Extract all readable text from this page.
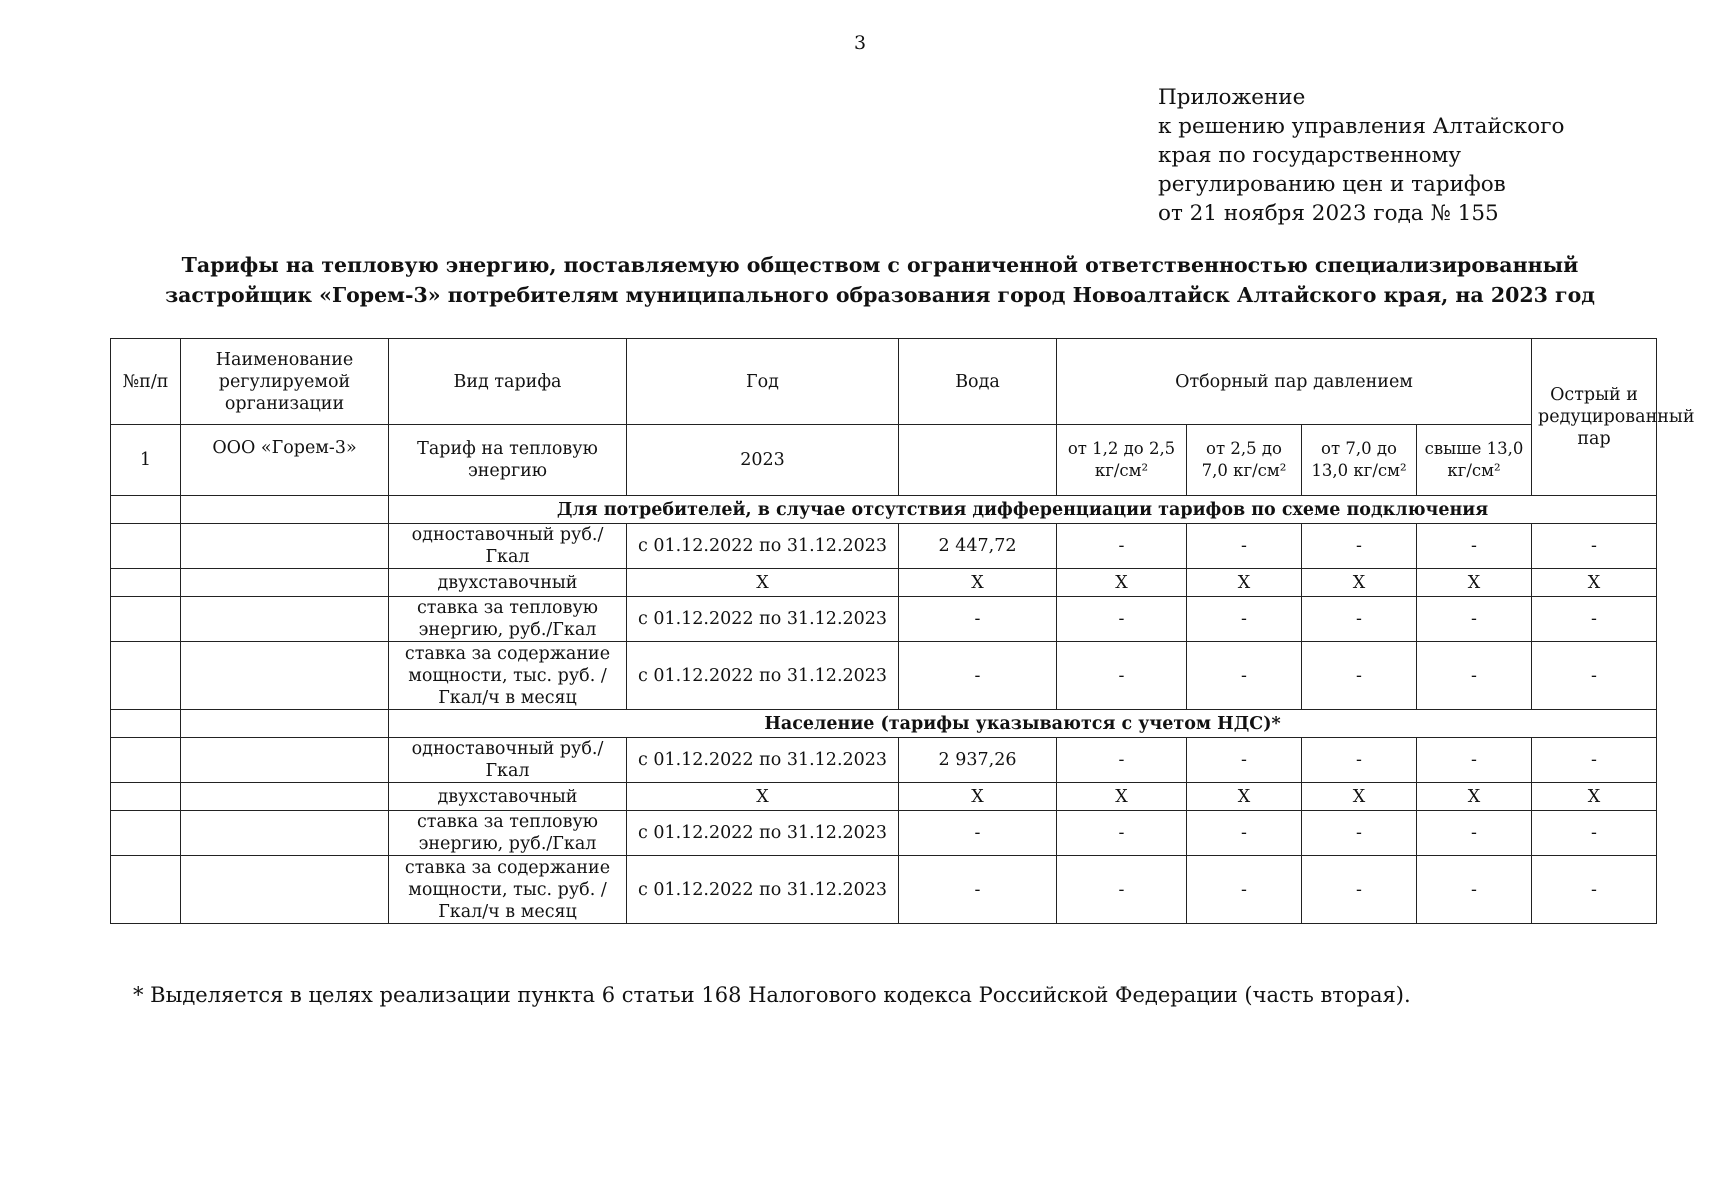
3
Приложение
к решению управления Алтайского
края по государственному
регулированию цен и тарифов
от 21 ноября 2023 года № 155
Тарифы на тепловую энергию, поставляемую обществом с ограниченной ответственностью специализированный
застройщик «Горем-3» потребителям муниципального образования город Новоалтайск Алтайского края, на 2023 год
№п/п	Наименование регулируемой организации	Вид тарифа	Год	Вода	Отборный пар давлением				Острый и редуцированный пар
1	ООО «Горем-3»	Тариф на тепловую энергию	2023		от 1,2 до 2,5 кг/см²	от 2,5 до 7,0 кг/см²	от 7,0 до 13,0 кг/см²	свыше 13,0 кг/см²	
		Для потребителей, в случае отсутствия дифференциации тарифов по схеме подключения							
		одноставочный руб./Гкал	с 01.12.2022 по 31.12.2023	2 447,72	-	-	-	-	-
		двухставочный	X	X	X	X	X	X	X
		ставка за тепловую энергию, руб./Гкал	с 01.12.2022 по 31.12.2023	-	-	-	-	-	-
		ставка за содержание мощности, тыс. руб. /Гкал/ч в месяц	с 01.12.2022 по 31.12.2023	-	-	-	-	-	-
		Население (тарифы указываются с учетом НДС)*							
		одноставочный руб./Гкал	с 01.12.2022 по 31.12.2023	2 937,26	-	-	-	-	-
		двухставочный	X	X	X	X	X	X	X
		ставка за тепловую энергию, руб./Гкал	с 01.12.2022 по 31.12.2023	-	-	-	-	-	-
		ставка за содержание мощности, тыс. руб. /Гкал/ч в месяц	с 01.12.2022 по 31.12.2023	-	-	-	-	-	-
* Выделяется в целях реализации пункта 6 статьи 168 Налогового кодекса Российской Федерации (часть вторая).
